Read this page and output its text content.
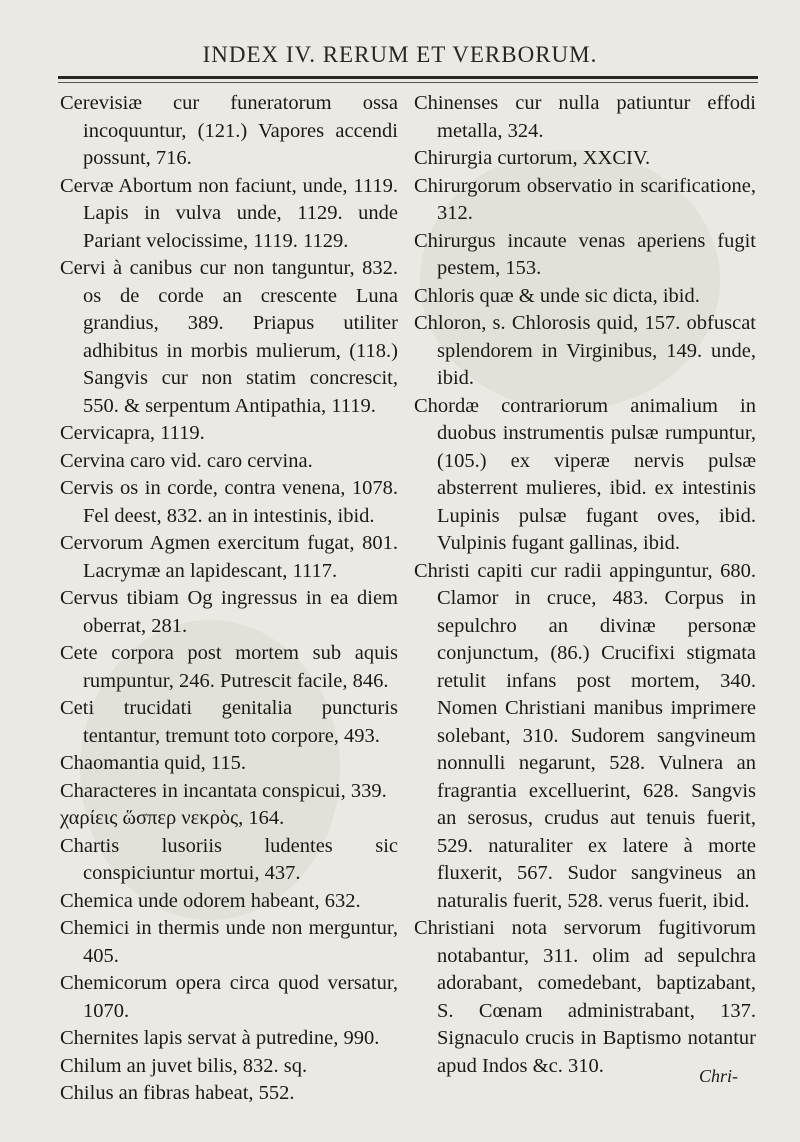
INDEX IV. RERUM ET VERBORUM.

Cerevisiæ cur funeratorum ossa incoquuntur, (121.) Vapores accendi possunt, 716.

Cervæ Abortum non faciunt, unde, 1119. Lapis in vulva unde, 1129. unde Pariant velocissime, 1119. 1129.

Cervi à canibus cur non tanguntur, 832. os de corde an crescente Luna grandius, 389. Priapus utiliter adhibitus in morbis mulierum, (118.) Sangvis cur non statim concrescit, 550. & serpentum Antipathia, 1119.

Cervicapra, 1119.

Cervina caro vid. caro cervina.

Cervis os in corde, contra venena, 1078. Fel deest, 832. an in intestinis, ibid.

Cervorum Agmen exercitum fugat, 801. Lacrymæ an lapidescant, 1117.

Cervus tibiam Og ingressus in ea diem oberrat, 281.

Cete corpora post mortem sub aquis rumpuntur, 246. Putrescit facile, 846.

Ceti trucidati genitalia puncturis tentantur, tremunt toto corpore, 493.

Chaomantia quid, 115.

Characteres in incantata conspicui, 339.

χαρίεις ὥσπερ νεκρὸς, 164.

Chartis lusoriis ludentes sic conspiciuntur mortui, 437.

Chemica unde odorem habeant, 632.

Chemici in thermis unde non merguntur, 405.

Chemicorum opera circa quod versatur, 1070.

Chernites lapis servat à putredine, 990.

Chilum an juvet bilis, 832. sq.

Chilus an fibras habeat, 552.

Chinenses cur nulla patiuntur effodi metalla, 324.

Chirurgia curtorum, XXCIV.

Chirurgorum observatio in scarificatione, 312.

Chirurgus incaute venas aperiens fugit pestem, 153.

Chloris quæ & unde sic dicta, ibid.

Chloron, s. Chlorosis quid, 157. obfuscat splendorem in Virginibus, 149. unde, ibid.

Chordæ contrariorum animalium in duobus instrumentis pulsæ rumpuntur, (105.) ex viperæ nervis pulsæ absterrent mulieres, ibid. ex intestinis Lupinis pulsæ fugant oves, ibid. Vulpinis fugant gallinas, ibid.

Christi capiti cur radii appinguntur, 680. Clamor in cruce, 483. Corpus in sepulchro an divinæ personæ conjunctum, (86.) Crucifixi stigmata retulit infans post mortem, 340. Nomen Christiani manibus imprimere solebant, 310. Sudorem sangvineum nonnulli negarunt, 528. Vulnera an fragrantia excelluerint, 628. Sangvis an serosus, crudus aut tenuis fuerit, 529. naturaliter ex latere à morte fluxerit, 567. Sudor sangvineus an naturalis fuerit, 528. verus fuerit, ibid.

Christiani nota servorum fugitivorum notabantur, 311. olim ad sepulchra adorabant, comedebant, baptizabant, S. Cœnam administrabant, 137. Signaculo crucis in Baptismo notantur apud Indos &c. 310.	Chri-
